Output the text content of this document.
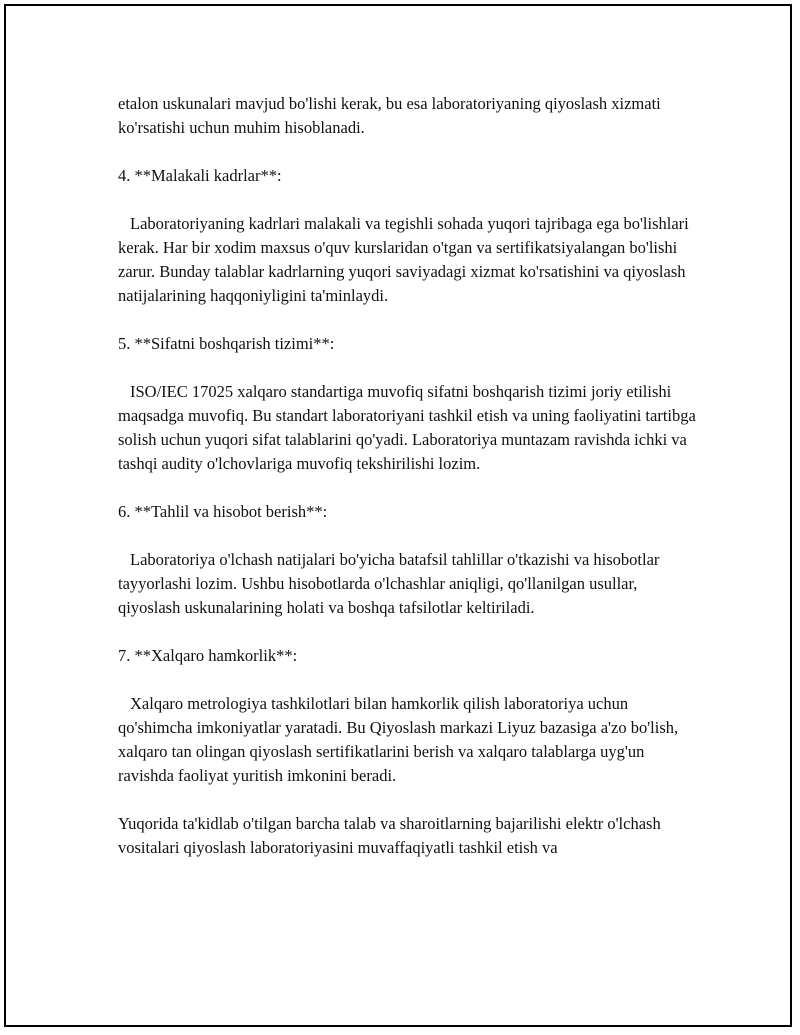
etalon uskunalari mavjud bo'lishi kerak, bu esa laboratoriyaning qiyoslash xizmati ko'rsatishi uchun muhim hisoblanadi.

4. **Malakali kadrlar**:

Laboratoriyaning kadrlari malakali va tegishli sohada yuqori tajribaga ega bo'lishlari kerak. Har bir xodim maxsus o'quv kurslaridan o'tgan va sertifikatsiyalangan bo'lishi zarur. Bunday talablar kadrlarning yuqori saviyadagi xizmat ko'rsatishini va qiyoslash natijalarining haqqoniyligini ta'minlaydi.

5. **Sifatni boshqarish tizimi**:

ISO/IEC 17025 xalqaro standartiga muvofiq sifatni boshqarish tizimi joriy etilishi maqsadga muvofiq. Bu standart laboratoriyani tashkil etish va uning faoliyatini tartibga solish uchun yuqori sifat talablarini qo'yadi. Laboratoriya muntazam ravishda ichki va tashqi audity o'lchovlariga muvofiq tekshirilishi lozim.

6. **Tahlil va hisobot berish**:

Laboratoriya o'lchash natijalari bo'yicha batafsil tahlillar o'tkazishi va hisobotlar tayyorlashi lozim. Ushbu hisobotlarda o'lchashlar aniqligi, qo'llanilgan usullar, qiyoslash uskunalarining holati va boshqa tafsilotlar keltiriladi.

7. **Xalqaro hamkorlik**:

Xalqaro metrologiya tashkilotlari bilan hamkorlik qilish laboratoriya uchun qo'shimcha imkoniyatlar yaratadi. Bu Qiyoslash markazi Liyuz bazasiga a'zo bo'lish, xalqaro tan olingan qiyoslash sertifikatlarini berish va xalqaro talablarga uyg'un ravishda faoliyat yuritish imkonini beradi.

Yuqorida ta'kidlab o'tilgan barcha talab va sharoitlarning bajarilishi elektr o'lchash vositalari qiyoslash laboratoriyasini muvaffaqiyatli tashkil etish va
